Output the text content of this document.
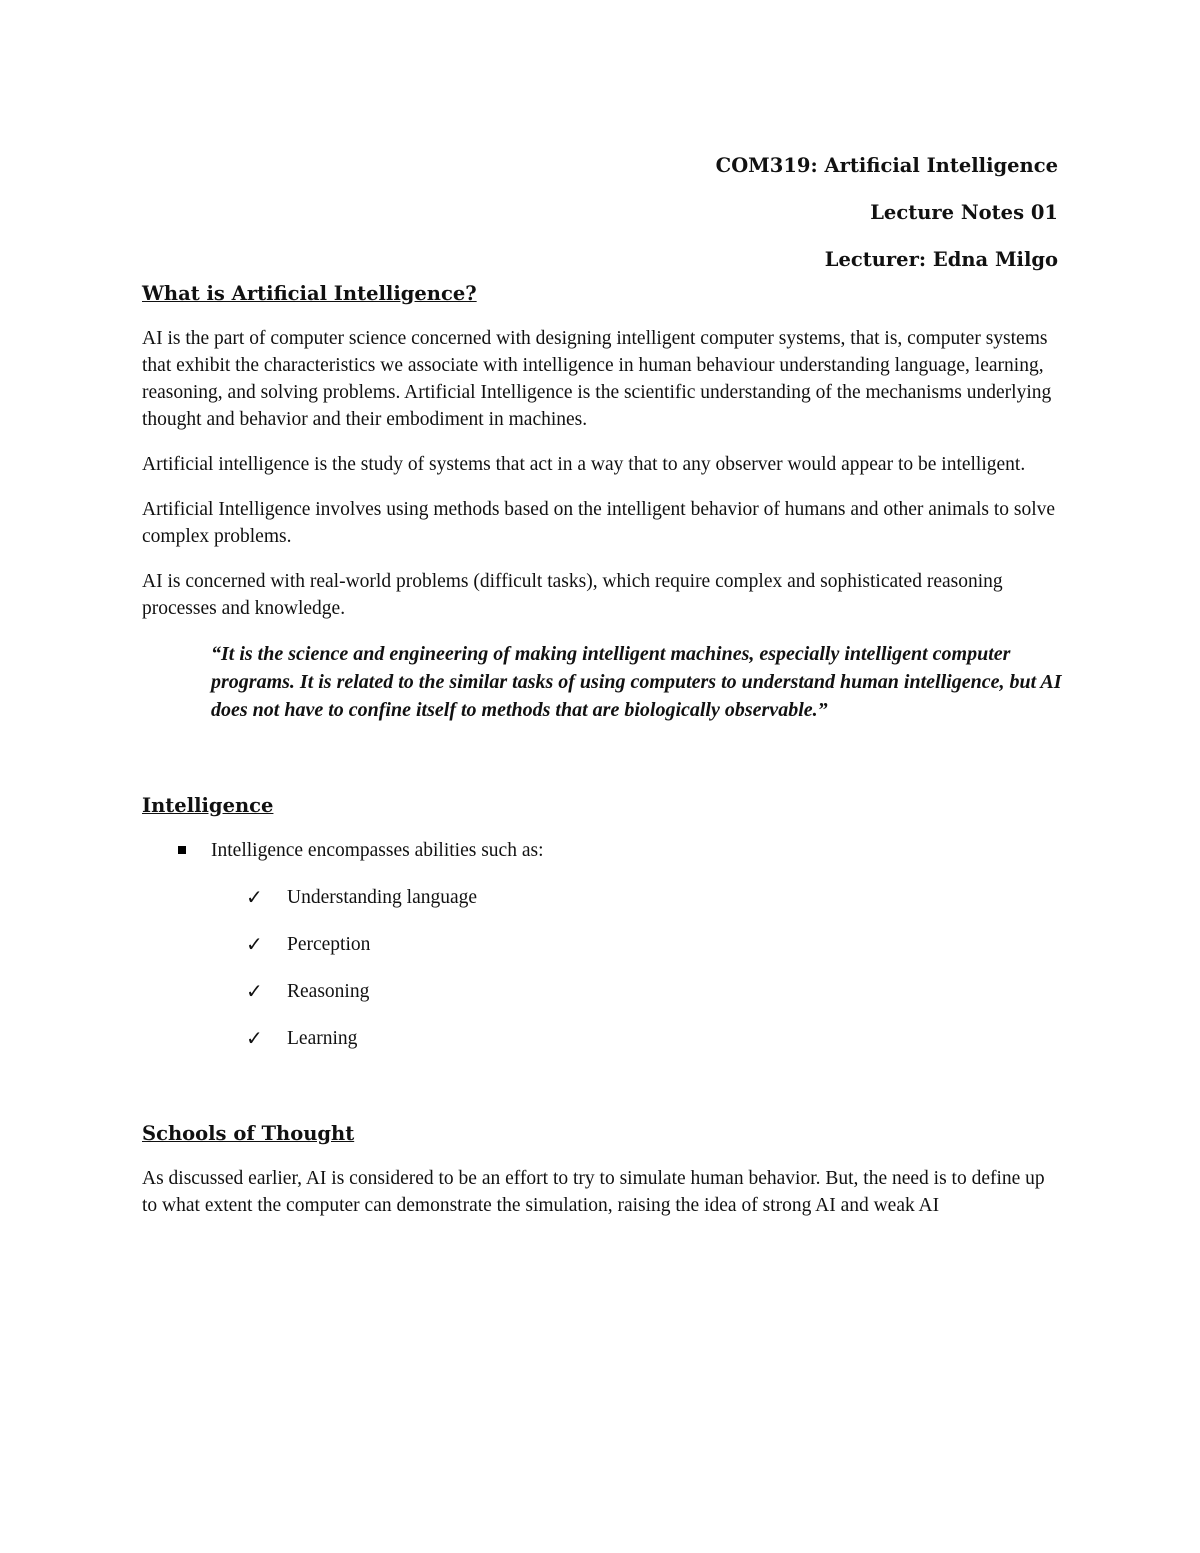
COM319: Artificial Intelligence
Lecture Notes 01
Lecturer: Edna Milgo
What is Artificial Intelligence?

AI is the part of computer science concerned with designing intelligent computer systems, that is, computer systems that exhibit the characteristics we associate with intelligence in human behaviour understanding language, learning, reasoning, and solving problems. Artificial Intelligence is the scientific understanding of the mechanisms underlying thought and behavior and their embodiment in machines.

Artificial intelligence is the study of systems that act in a way that to any observer would appear to be intelligent.

Artificial Intelligence involves using methods based on the intelligent behavior of humans and other animals to solve complex problems.

AI is concerned with real-world problems (difficult tasks), which require complex and sophisticated reasoning processes and knowledge.

“It is the science and engineering of making intelligent machines, especially intelligent computer programs. It is related to the similar tasks of using computers to understand human intelligence, but AI does not have to confine itself to methods that are biologically observable.”
Intelligence
Intelligence encompasses abilities such as:
✓ Understanding language
✓ Perception
✓ Reasoning
✓ Learning
Schools of Thought

As discussed earlier, AI is considered to be an effort to try to simulate human behavior. But, the need is to define up to what extent the computer can demonstrate the simulation, raising the idea of strong AI and weak AI
